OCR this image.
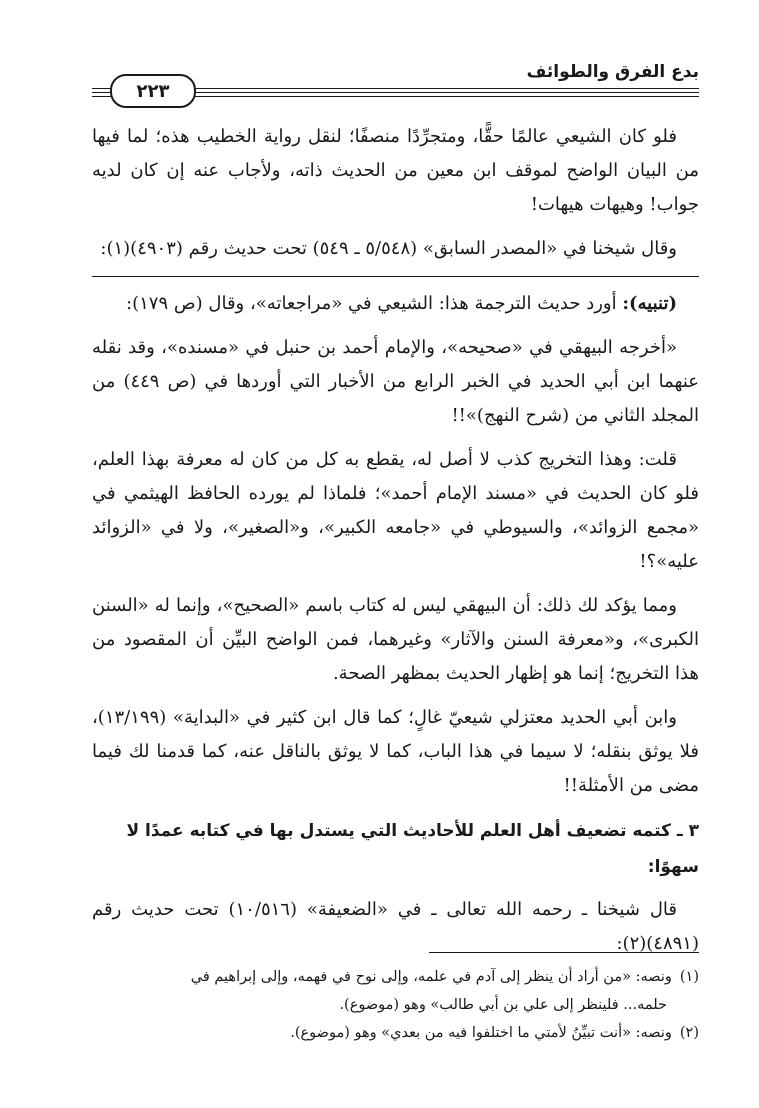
بدع الفرق والطوائف
٢٢٣

فلو كان الشيعي عالمًا حقًّا، ومتجرِّدًا منصفًا؛ لنقل رواية الخطيب هذه؛ لما فيها من البيان الواضح لموقف ابن معين من الحديث ذاته، ولأجاب عنه إن كان لديه جواب! وهيهات هيهات!

وقال شيخنا في «المصدر السابق» (٥/٥٤٨ ـ ٥٤٩) تحت حديث رقم (٤٩٠٣)(١):

(تنبيه): أورد حديث الترجمة هذا: الشيعي في «مراجعاته»، وقال (ص ١٧٩):

«أخرجه البيهقي في «صحيحه»، والإمام أحمد بن حنبل في «مسنده»، وقد نقله عنهما ابن أبي الحديد في الخبر الرابع من الأخبار التي أوردها في (ص ٤٤٩) من المجلد الثاني من (شرح النهج)»!!

قلت: وهذا التخريج كذب لا أصل له، يقطع به كل من كان له معرفة بهذا العلم، فلو كان الحديث في «مسند الإمام أحمد»؛ فلماذا لم يورده الحافظ الهيثمي في «مجمع الزوائد»، والسيوطي في «جامعه الكبير»، و«الصغير»، ولا في «الزوائد عليه»؟!

ومما يؤكد لك ذلك: أن البيهقي ليس له كتاب باسم «الصحيح»، وإنما له «السنن الكبرى»، و«معرفة السنن والآثار» وغيرهما، فمن الواضح البيِّن أن المقصود من هذا التخريج؛ إنما هو إظهار الحديث بمظهر الصحة.

وابن أبي الحديد معتزلي شيعيّ غالٍ؛ كما قال ابن كثير في «البداية» (١٣/١٩٩)، فلا يوثق بنقله؛ لا سيما في هذا الباب، كما لا يوثق بالناقل عنه، كما قدمنا لك فيما مضى من الأمثلة!!

٣ ـ كتمه تضعيف أهل العلم للأحاديث التي يستدل بها في كتابه عمدًا لا سهوًا:

قال شيخنا ـ رحمه الله تعالى ـ في «الضعيفة» (١٠/٥١٦) تحت حديث رقم (٤٨٩١)(٢):

(١)ونصه: «من أراد أن ينظر إلى آدم في علمه، وإلى نوح في فهمه، وإلى إبراهيم في
حلمه... فلينظر إلى علي بن أبي طالب» وهو (موضوع).

(٢)ونصه: «أنت تبيِّنُ لأمتي ما اختلفوا فيه من بعدي» وهو (موضوع).
